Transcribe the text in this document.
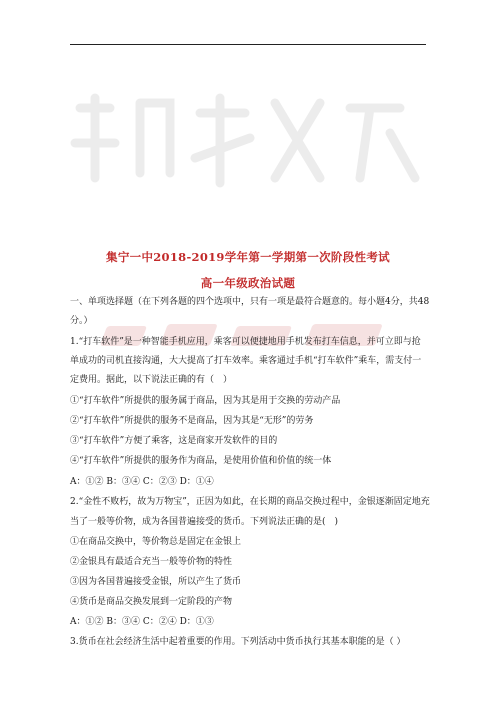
集宁一中2018-2019学年第一学期第一次阶段性考试
高一年级政治试题
一、单项选择题（在下列各题的四个选项中，只有一项是最符合题意的。每小题4分，共48
分。）
1.“打车软件”是一种智能手机应用，乘客可以便捷地用手机发布打车信息，并可立即与抢
单成功的司机直接沟通，大大提高了打车效率。乘客通过手机“打车软件”乘车，需支付一
定费用。据此，以下说法正确的有（　）
①“打车软件”所提供的服务属于商品，因为其是用于交换的劳动产品
②“打车软件”所提供的服务不是商品，因为其是“无形”的劳务
③“打车软件”方便了乘客，这是商家开发软件的目的
④“打车软件”所提供的服务作为商品，是使用价值和价值的统一体
A：①② B：③④ C：②③ D：①④
2.“金性不败朽，故为万物宝”，正因为如此，在长期的商品交换过程中，金银逐渐固定地充
当了一般等价物，成为各国普遍接受的货币。下列说法正确的是(　)
①在商品交换中，等价物总是固定在金银上
②金银具有最适合充当一般等价物的特性
③因为各国普遍接受金银，所以产生了货币
④货币是商品交换发展到一定阶段的产物
A：①② B：③④ C：②④ D：①③
3.货币在社会经济生活中起着重要的作用。下列活动中货币执行其基本职能的是（ ）
